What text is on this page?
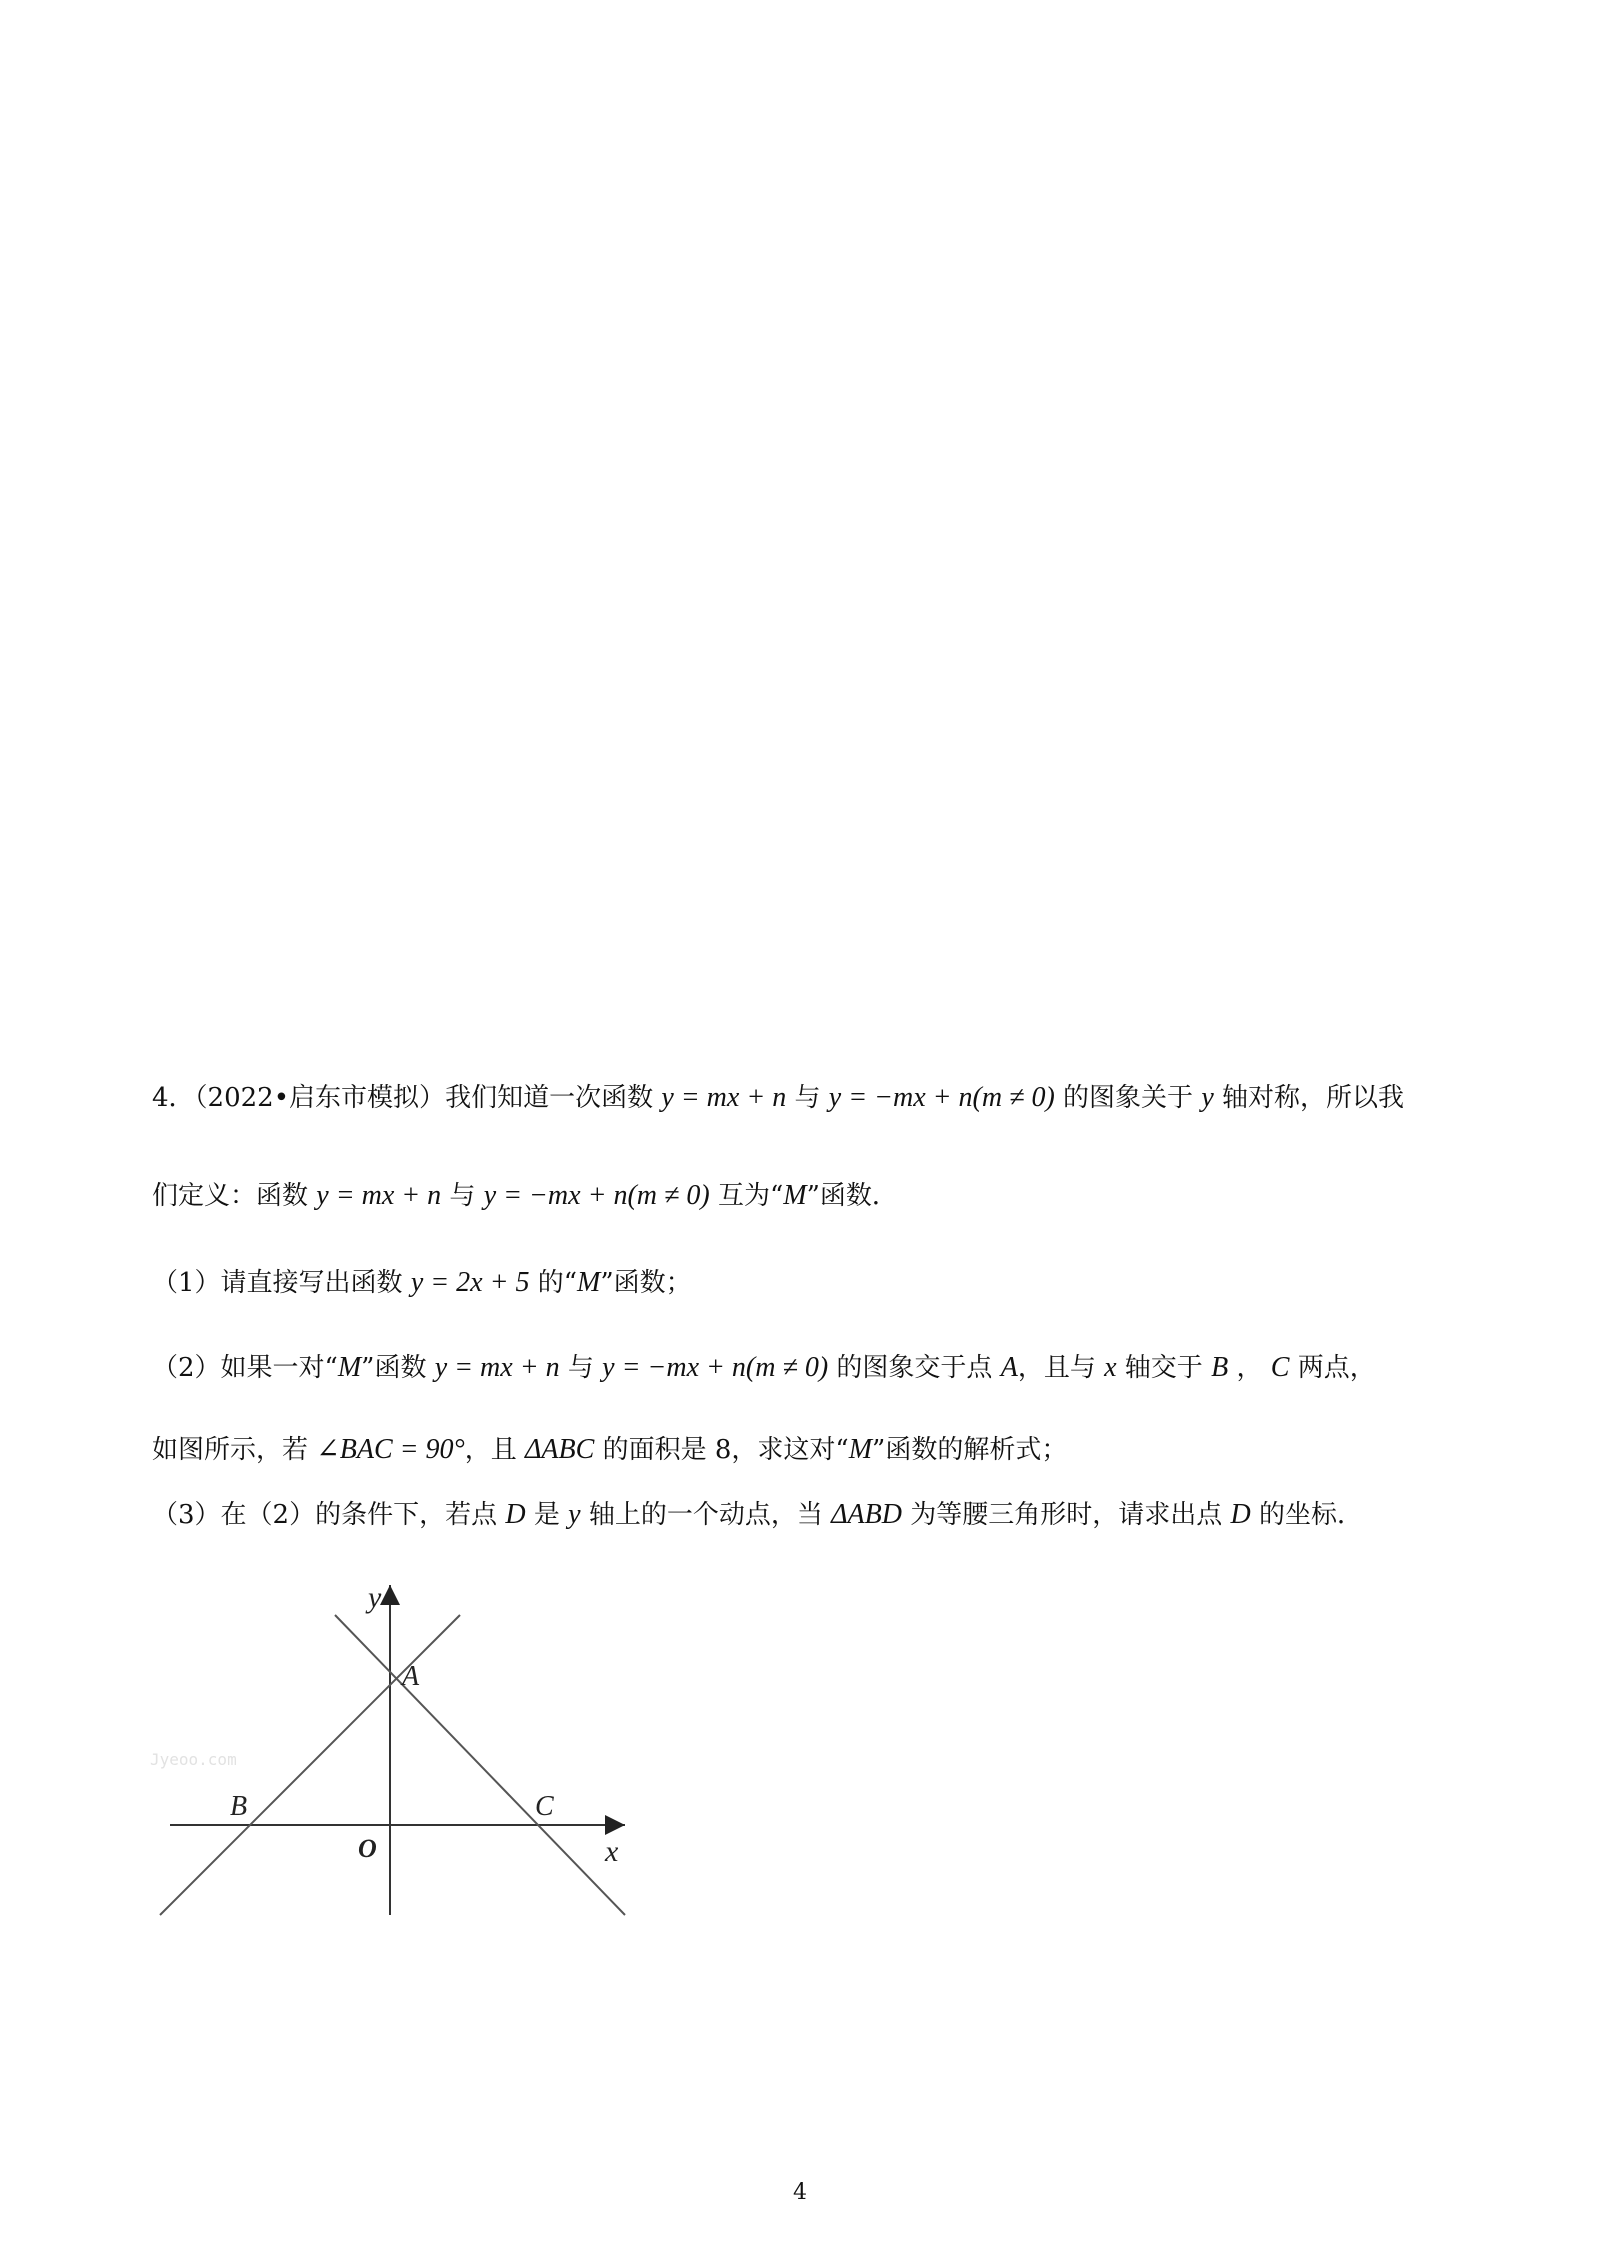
4．（2022•启东市模拟）我们知道一次函数 y = mx + n 与 y = −mx + n(m ≠ 0) 的图象关于 y 轴对称，所以我
们定义：函数 y = mx + n 与 y = −mx + n(m ≠ 0) 互为“M”函数．
（1）请直接写出函数 y = 2x + 5 的“M”函数；
（2）如果一对“M”函数 y = mx + n 与 y = −mx + n(m ≠ 0) 的图象交于点 A，且与 x 轴交于 B ， C 两点，
如图所示，若 ∠BAC = 90°，且 ΔABC 的面积是 8，求这对“M”函数的解析式；
（3）在（2）的条件下，若点 D 是 y 轴上的一个动点，当 ΔABD 为等腰三角形时，请求出点 D 的坐标．
y
x
A
B	C
O
Jyeoo.com
4
